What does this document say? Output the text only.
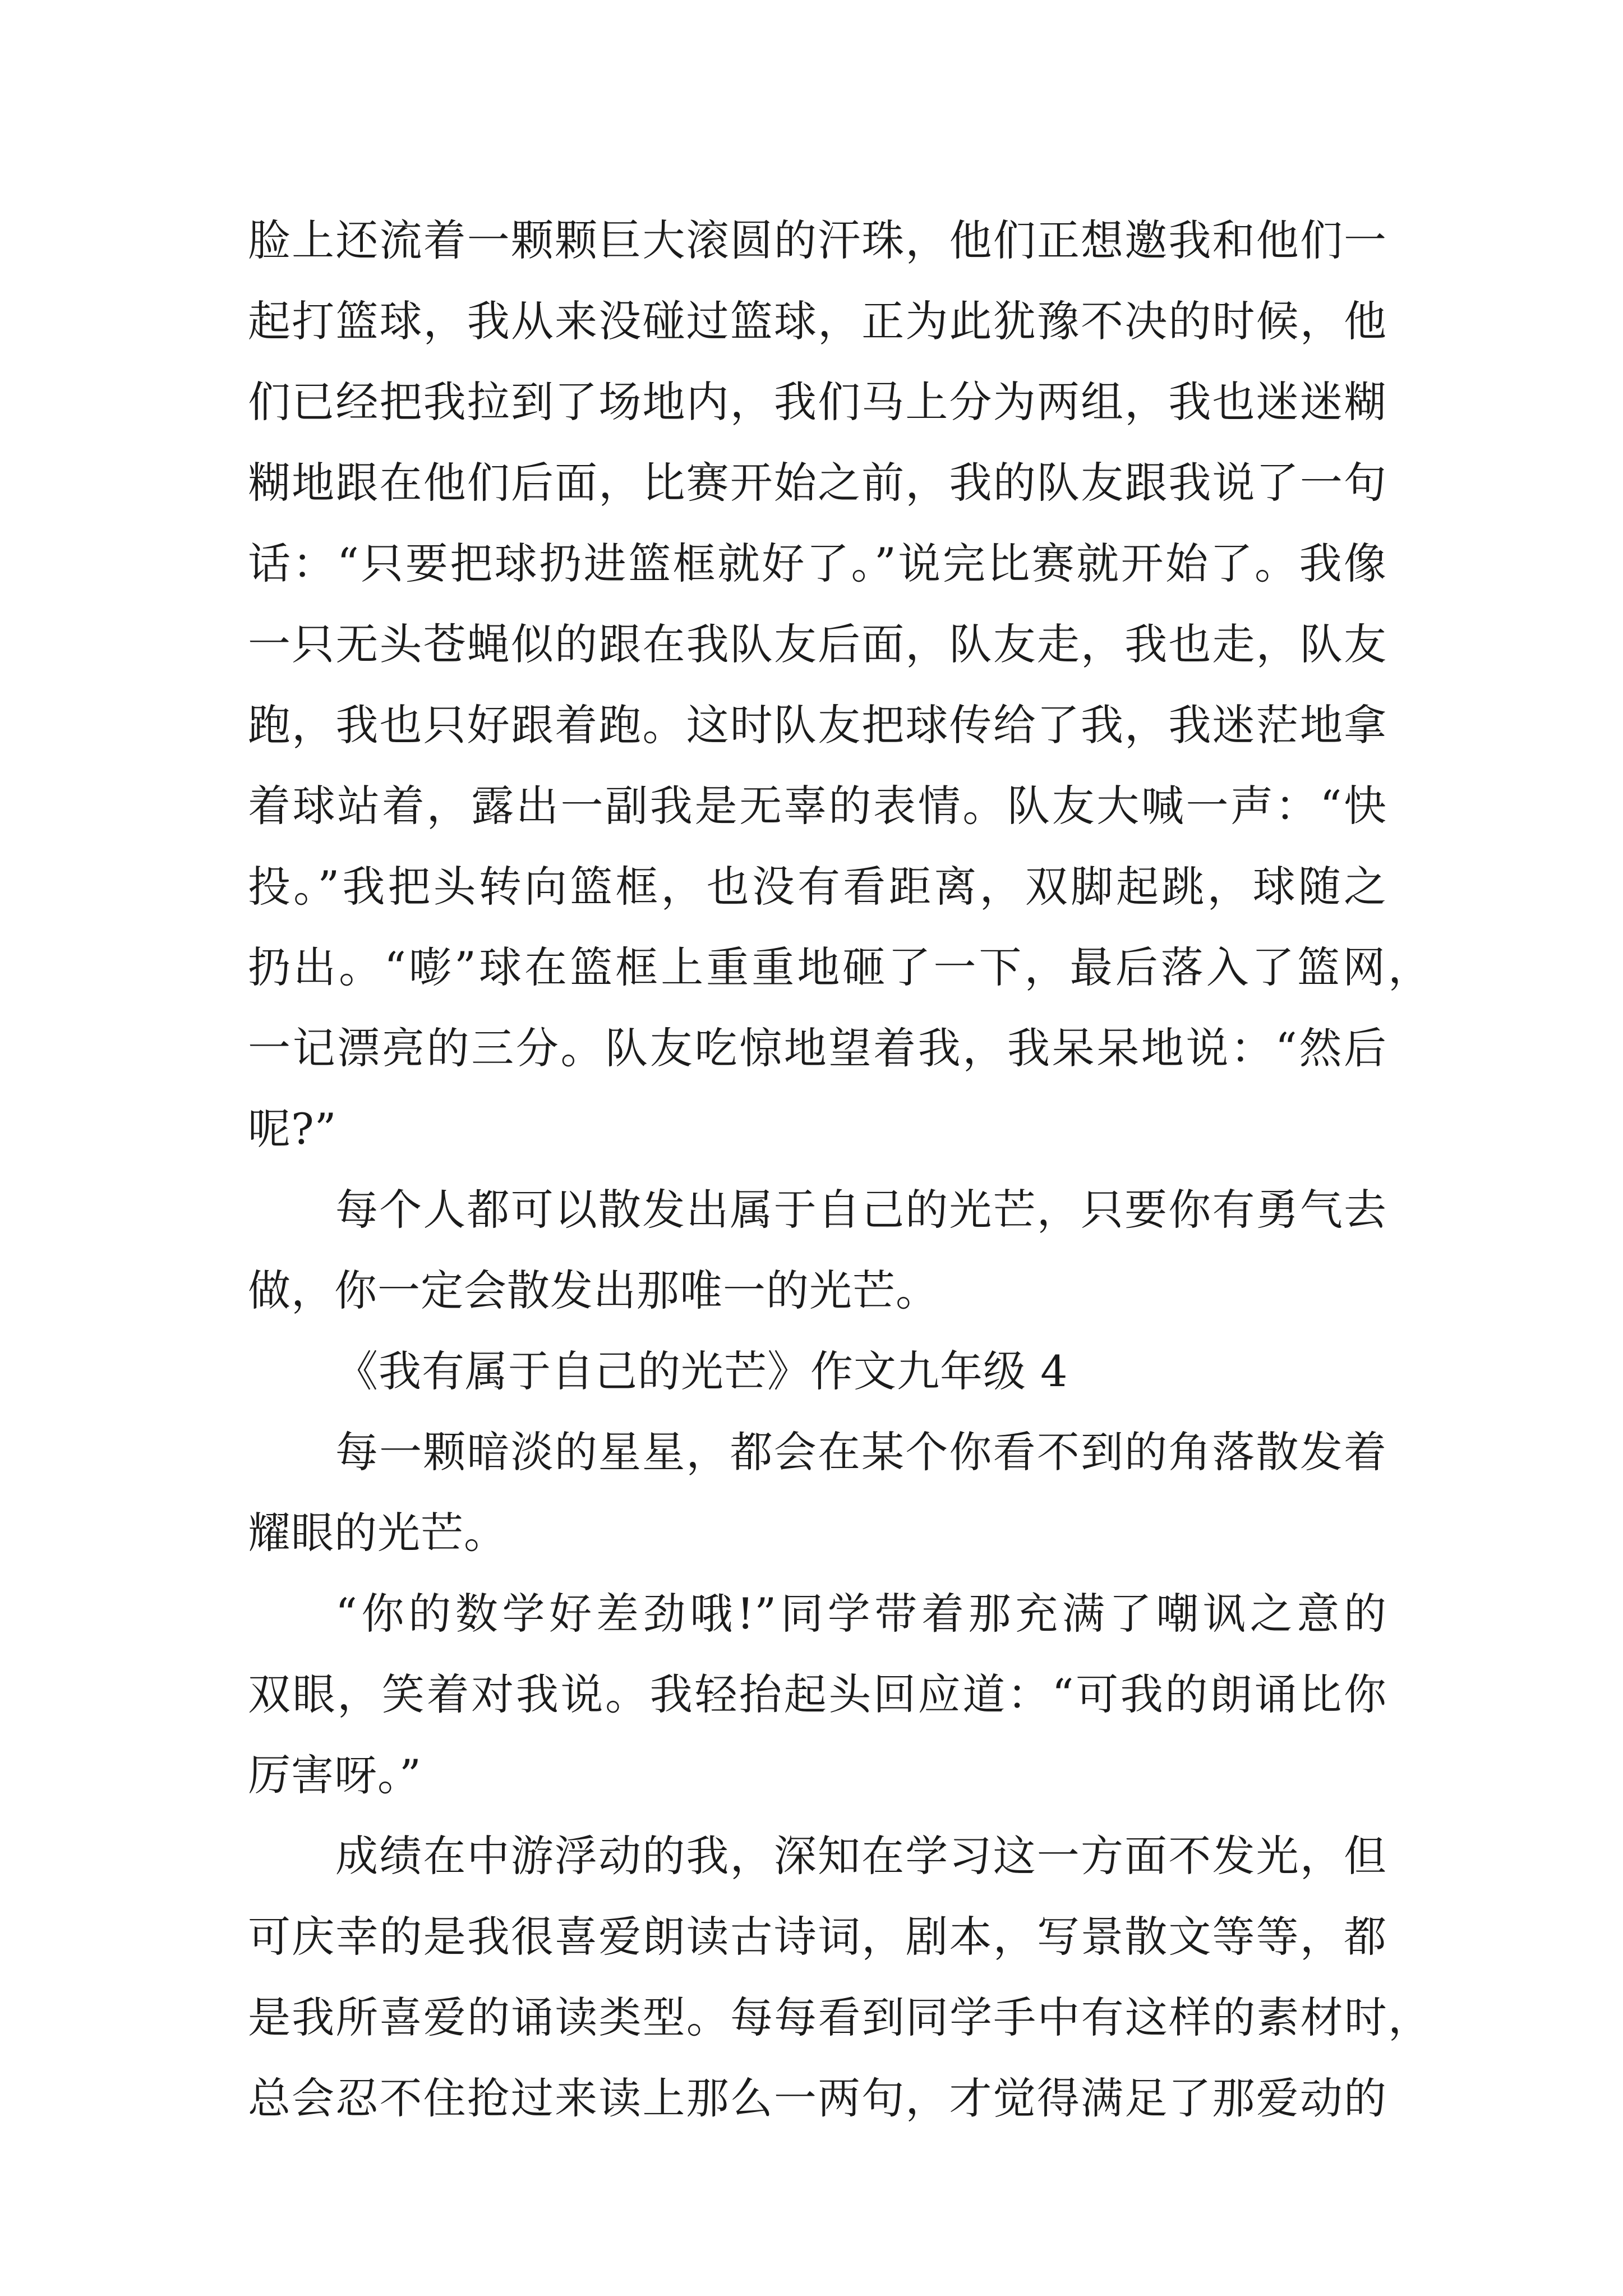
脸上还流着一颗颗巨大滚圆的汗珠，他们正想邀我和他们一
起打篮球，我从来没碰过篮球，正为此犹豫不决的时候，他
们已经把我拉到了场地内，我们马上分为两组，我也迷迷糊
糊地跟在他们后面，比赛开始之前，我的队友跟我说了一句
话：“只要把球扔进篮框就好了。”说完比赛就开始了。我像
一只无头苍蝇似的跟在我队友后面，队友走，我也走，队友
跑，我也只好跟着跑。这时队友把球传给了我，我迷茫地拿
着球站着，露出一副我是无辜的表情。队友大喊一声：“快
投。”我把头转向篮框，也没有看距离，双脚起跳，球随之
扔出。“嘭”球在篮框上重重地砸了一下，最后落入了篮网，
一记漂亮的三分。队友吃惊地望着我，我呆呆地说：“然后
呢?”
每个人都可以散发出属于自己的光芒，只要你有勇气去
做，你一定会散发出那唯一的光芒。
《我有属于自己的光芒》作文九年级 4
每一颗暗淡的星星，都会在某个你看不到的角落散发着
耀眼的光芒。
“你的数学好差劲哦!”同学带着那充满了嘲讽之意的
双眼，笑着对我说。我轻抬起头回应道：“可我的朗诵比你
厉害呀。”
成绩在中游浮动的我，深知在学习这一方面不发光，但
可庆幸的是我很喜爱朗读古诗词，剧本，写景散文等等，都
是我所喜爱的诵读类型。每每看到同学手中有这样的素材时，
总会忍不住抢过来读上那么一两句，才觉得满足了那爱动的
